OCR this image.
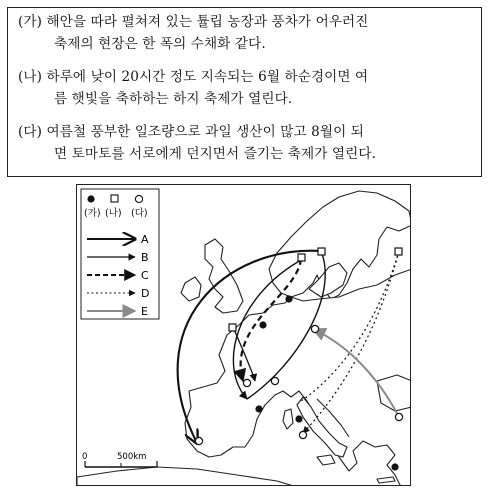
(가) 해안을 따라 펼쳐져 있는 튤립 농장과 풍차가 어우러진
축제의 현장은 한 폭의 수채화 같다.
(나) 하루에 낮이 20시간 정도 지속되는 6월 하순경이면 여
름 햇빛을 축하하는 하지 축제가 열린다.
(다) 여름철 풍부한 일조량으로 과일 생산이 많고 8월이 되
면 토마토를 서로에게 던지면서 즐기는 축제가 열린다.
(가) (나) (다)
A
B
C
D
E
0	500km
